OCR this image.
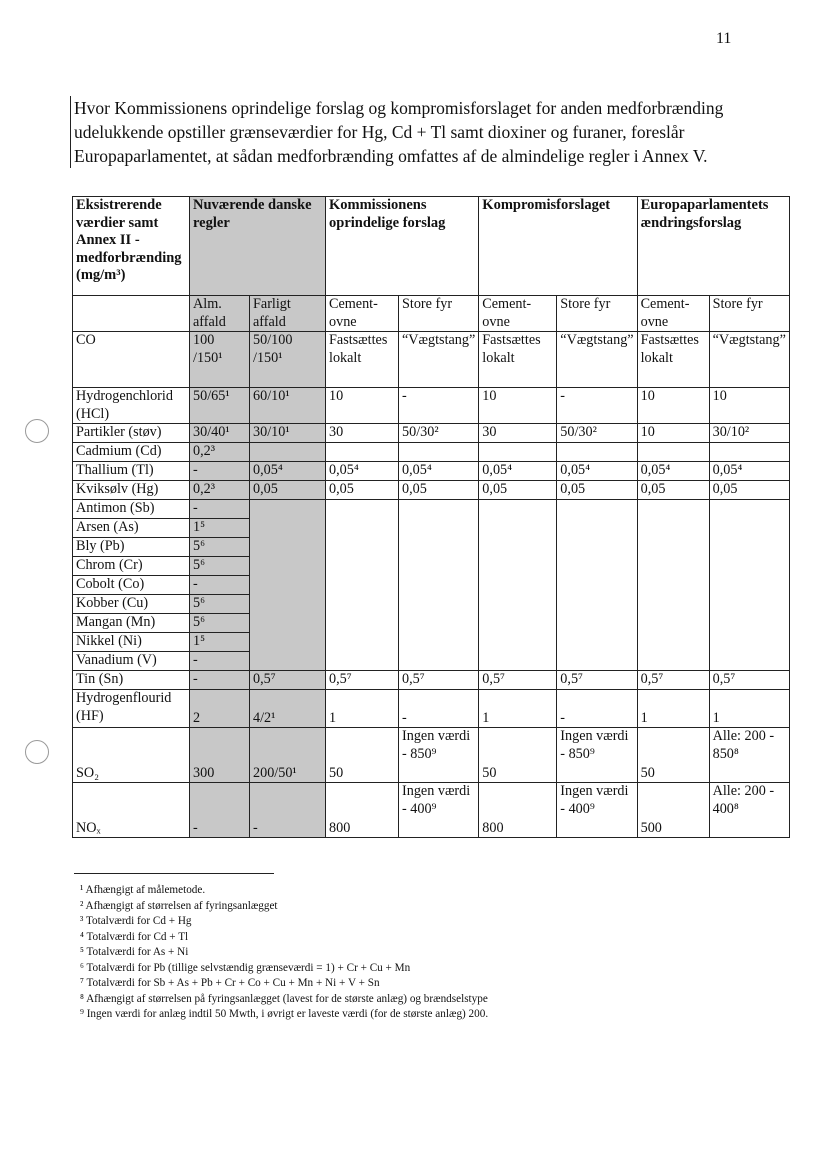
11
Hvor Kommissionens oprindelige forslag og kompromisforslaget for anden medforbrænding udelukkende opstiller grænseværdier for Hg, Cd + Tl samt dioxiner og furaner, foreslår Europaparlamentet, at sådan medforbrænding omfattes af de almindelige regler i Annex V.
Eksistrerende værdier samt Annex II - medforbrænding (mg/m³)	Nuværende danske regler		Kommissionens oprindelige forslag		Kompromisforslaget		Europaparlamentets ændringsforslag	
	Alm. affald	Farligt affald	Cement-ovne	Store fyr	Cement-ovne	Store fyr	Cement-ovne	Store fyr
CO	100 /150¹	50/100 /150¹	Fastsættes lokalt	“Vægtstang”	Fastsættes lokalt	“Vægtstang”	Fastsættes lokalt	“Vægtstang”
Hydrogenchlorid (HCl)	50/65¹	60/10¹	10	-	10	-	10	10
Partikler (støv)	30/40¹	30/10¹	30	50/30²	30	50/30²	10	30/10²
Cadmium (Cd)	0,2³							
Thallium (Tl)	-	0,05⁴	0,05⁴	0,05⁴	0,05⁴	0,05⁴	0,05⁴	0,05⁴
Kviksølv (Hg)	0,2³	0,05	0,05	0,05	0,05	0,05	0,05	0,05
Antimon (Sb)	-							
Arsen (As)	1⁵							
Bly (Pb)	5⁶							
Chrom (Cr)	5⁶							
Cobolt (Co)	-							
Kobber (Cu)	5⁶							
Mangan (Mn)	5⁶							
Nikkel (Ni)	1⁵							
Vanadium (V)	-							
Tin (Sn)	-	0,5⁷	0,5⁷	0,5⁷	0,5⁷	0,5⁷	0,5⁷	0,5⁷
Hydrogenflourid (HF)	2	4/2¹	1	-	1	-	1	1
SO₂	300	200/50¹	50	Ingen værdi - 850⁹	50	Ingen værdi - 850⁹	50	Alle: 200 - 850⁸
NOₓ	-	-	800	Ingen værdi - 400⁹	800	Ingen værdi - 400⁹	500	Alle: 200 - 400⁸
¹ Afhængigt af målemetode.
² Afhængigt af størrelsen af fyringsanlægget
³ Totalværdi for Cd + Hg
⁴ Totalværdi for Cd + Tl
⁵ Totalværdi for As + Ni
⁶ Totalværdi for Pb (tillige selvstændig grænseværdi = 1) + Cr + Cu + Mn
⁷ Totalværdi for Sb + As + Pb + Cr + Co + Cu + Mn + Ni + V + Sn
⁸ Afhængigt af størrelsen på fyringsanlægget (lavest for de største anlæg) og brændselstype
⁹ Ingen værdi for anlæg indtil 50 Mwth, i øvrigt er laveste værdi (for de største anlæg) 200.
